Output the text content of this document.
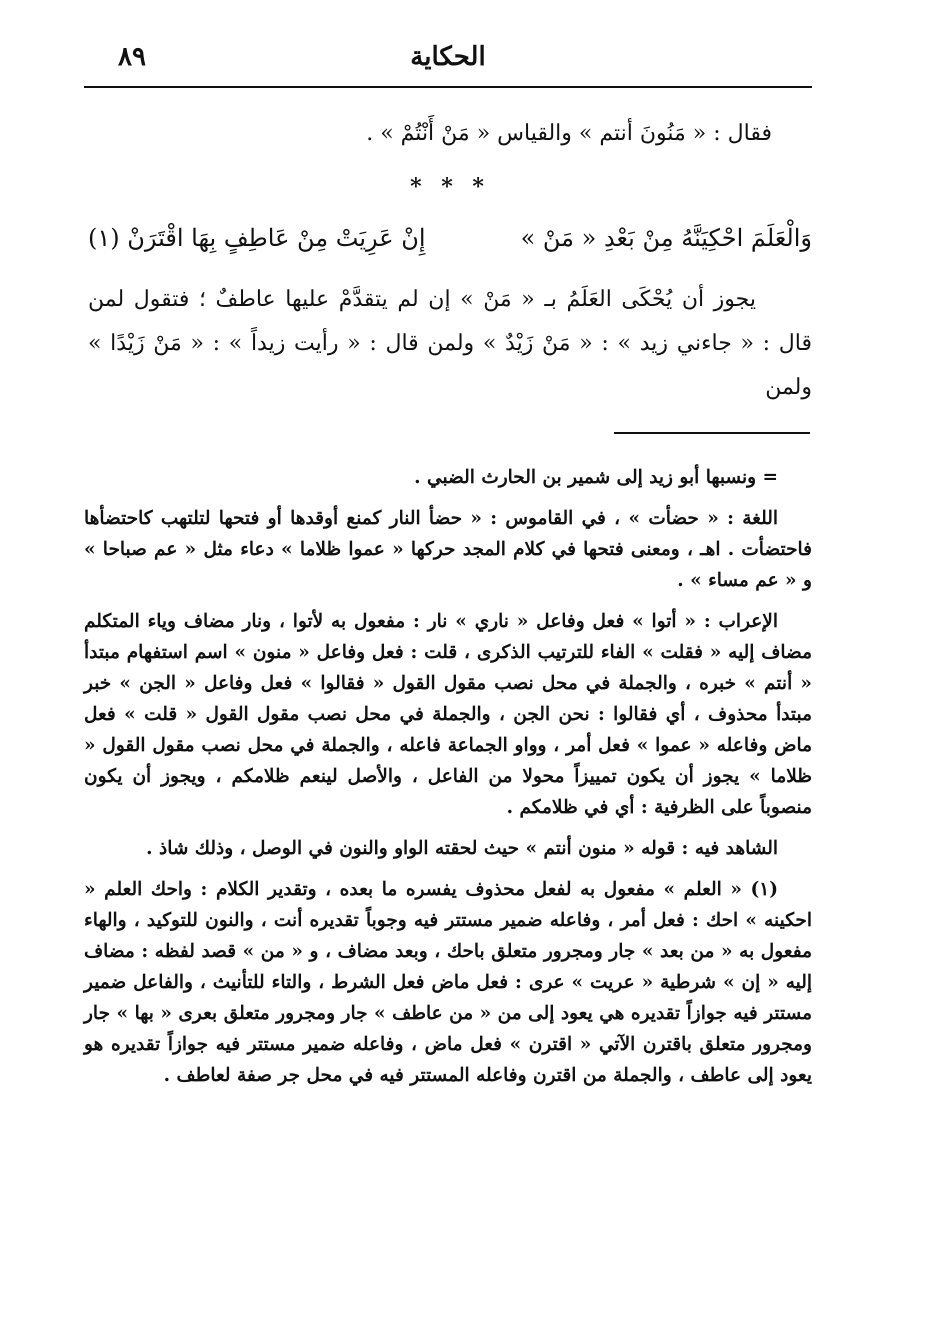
الحكاية
٨٩

فقال : « مَنُونَ أنتم » والقياس « مَنْ أَنْتُمْ » .

* * *
وَالْعَلَمَ احْكِيَنَّهُ مِنْ بَعْدِ « مَنْ »
إِنْ عَرِيَتْ مِنْ عَاطِفٍ بِهَا اقْتَرَنْ (١)

يجوز أن يُحْكَى العَلَمُ بـ « مَنْ » إن لم يتقدَّمْ عليها عاطفٌ ؛ فتقول لمن قال : « جاءني زيد » : « مَنْ زَيْدٌ » ولمن قال : « رأيت زيداً » : « مَنْ زَيْدًا » ولمن

= ونسبها أبو زيد إلى شمير بن الحارث الضبي .

اللغة : « حضأت » ، في القاموس : « حضأ النار كمنع أوقدها أو فتحها لتلتهب كاحتضأها فاحتضأت . اهـ ، ومعنى فتحها في كلام المجد حركها « عموا ظلاما » دعاء مثل « عم صباحا » و « عم مساء » .

الإعراب : « أتوا » فعل وفاعل « ناري » نار : مفعول به لأتوا ، ونار مضاف وياء المتكلم مضاف إليه « فقلت » الفاء للترتيب الذكرى ، قلت : فعل وفاعل « منون » اسم استفهام مبتدأ « أنتم » خبره ، والجملة في محل نصب مقول القول « فقالوا » فعل وفاعل « الجن » خبر مبتدأ محذوف ، أي فقالوا : نحن الجن ، والجملة في محل نصب مقول القول « قلت » فعل ماض وفاعله « عموا » فعل أمر ، وواو الجماعة فاعله ، والجملة في محل نصب مقول القول « ظلاما » يجوز أن يكون تمييزاً محولا من الفاعل ، والأصل لينعم ظلامكم ، ويجوز أن يكون منصوباً على الظرفية : أي في ظلامكم .

الشاهد فيه : قوله « منون أنتم » حيث لحقته الواو والنون في الوصل ، وذلك شاذ .

(١) « العلم » مفعول به لفعل محذوف يفسره ما بعده ، وتقدير الكلام : واحك العلم « احكينه » احك : فعل أمر ، وفاعله ضمير مستتر فيه وجوباً تقديره أنت ، والنون للتوكيد ، والهاء مفعول به « من بعد » جار ومجرور متعلق باحك ، وبعد مضاف ، و « من » قصد لفظه : مضاف إليه « إن » شرطية « عريت » عرى : فعل ماض فعل الشرط ، والتاء للتأنيث ، والفاعل ضمير مستتر فيه جوازاً تقديره هي يعود إلى من « من عاطف » جار ومجرور متعلق بعرى « بها » جار ومجرور متعلق باقترن الآتي « اقترن » فعل ماض ، وفاعله ضمير مستتر فيه جوازاً تقديره هو يعود إلى عاطف ، والجملة من اقترن وفاعله المستتر فيه في محل جر صفة لعاطف .
